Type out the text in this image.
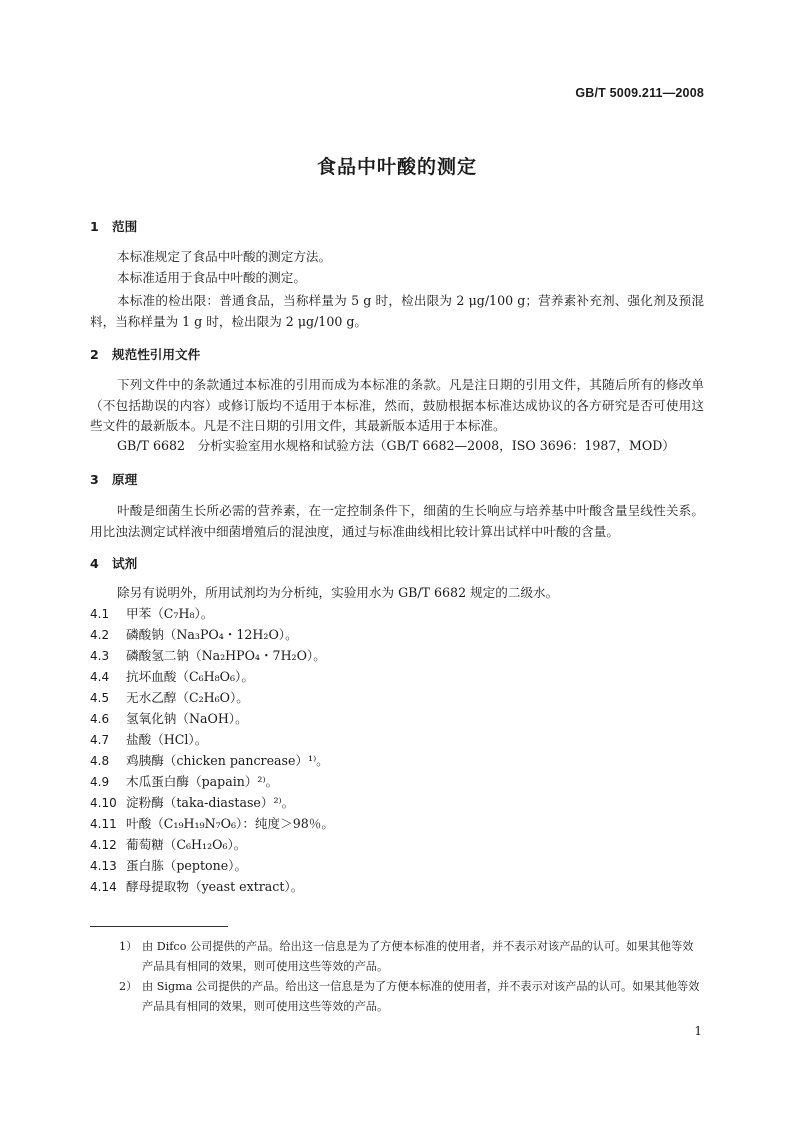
GB/T 5009.211—2008
食品中叶酸的测定
1 范围
本标准规定了食品中叶酸的测定方法。
本标准适用于食品中叶酸的测定。
本标准的检出限：普通食品，当称样量为 5 g 时，检出限为 2 μg/100 g；营养素补充剂、强化剂及预混料，当称样量为 1 g 时，检出限为 2 μg/100 g。
2 规范性引用文件
下列文件中的条款通过本标准的引用而成为本标准的条款。凡是注日期的引用文件，其随后所有的修改单（不包括勘误的内容）或修订版均不适用于本标准，然而，鼓励根据本标准达成协议的各方研究是否可使用这些文件的最新版本。凡是不注日期的引用文件，其最新版本适用于本标准。
GB/T 6682　分析实验室用水规格和试验方法（GB/T 6682—2008，ISO 3696：1987，MOD）
3 原理
叶酸是细菌生长所必需的营养素，在一定控制条件下，细菌的生长响应与培养基中叶酸含量呈线性关系。用比浊法测定试样液中细菌增殖后的混浊度，通过与标准曲线相比较计算出试样中叶酸的含量。
4 试剂
除另有说明外，所用试剂均为分析纯，实验用水为 GB/T 6682 规定的二级水。
4.1 甲苯（C₇H₈）。
4.2 磷酸钠（Na₃PO₄・12H₂O）。
4.3 磷酸氢二钠（Na₂HPO₄・7H₂O）。
4.4 抗坏血酸（C₆H₈O₆）。
4.5 无水乙醇（C₂H₆O）。
4.6 氢氧化钠（NaOH）。
4.7 盐酸（HCl）。
4.8 鸡胰酶（chicken pancrease）¹⁾。
4.9 木瓜蛋白酶（papain）²⁾。
4.10 淀粉酶（taka-diastase）²⁾。
4.11 叶酸（C₁₉H₁₉N₇O₆）：纯度＞98％。
4.12 葡萄糖（C₆H₁₂O₆）。
4.13 蛋白胨（peptone）。
4.14 酵母提取物（yeast extract）。
1） 由 Difco 公司提供的产品。给出这一信息是为了方便本标准的使用者，并不表示对该产品的认可。如果其他等效产品具有相同的效果，则可使用这些等效的产品。
2） 由 Sigma 公司提供的产品。给出这一信息是为了方便本标准的使用者，并不表示对该产品的认可。如果其他等效产品具有相同的效果，则可使用这些等效的产品。
1
